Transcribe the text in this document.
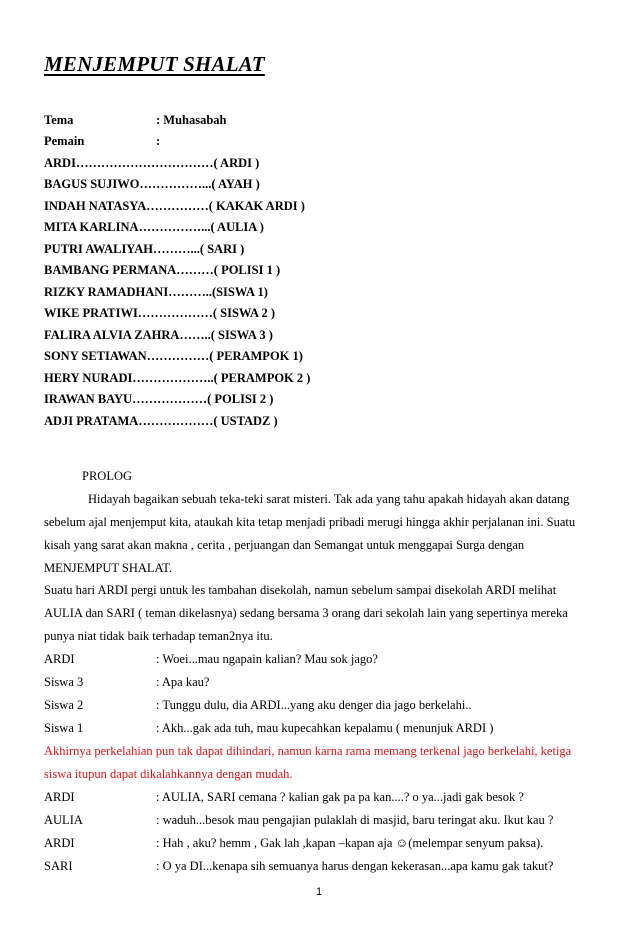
MENJEMPUT SHALAT
Tema	: Muhasabah
Pemain	:
ARDI……………………………( ARDI )
BAGUS SUJIWO……………...( AYAH )
INDAH NATASYA……………( KAKAK ARDI )
MITA KARLINA……………...( AULIA )
PUTRI AWALIYAH………...( SARI )
BAMBANG PERMANA………( POLISI 1 )
RIZKY RAMADHANI………..(SISWA 1)
WIKE PRATIWI………………( SISWA 2 )
FALIRA ALVIA ZAHRA……..( SISWA 3 )
SONY SETIAWAN……………( PERAMPOK 1)
HERY NURADI………………..( PERAMPOK 2 )
IRAWAN BAYU………………( POLISI 2 )
ADJI PRATAMA………………( USTADZ )
PROLOG
Hidayah bagaikan sebuah teka-teki sarat misteri. Tak ada yang tahu apakah hidayah akan datang
sebelum ajal menjemput kita, ataukah kita tetap menjadi pribadi merugi hingga akhir perjalanan ini. Suatu
kisah yang sarat akan makna , cerita , perjuangan dan Semangat untuk menggapai Surga dengan
MENJEMPUT SHALAT.
Suatu hari ARDI pergi untuk les tambahan disekolah, namun sebelum sampai disekolah ARDI melihat
AULIA dan SARI ( teman dikelasnya) sedang bersama 3 orang dari sekolah lain yang sepertinya mereka
punya niat tidak baik terhadap teman2nya itu.
ARDI	: Woei...mau ngapain kalian? Mau sok jago?
Siswa 3	: Apa kau?
Siswa 2	: Tunggu dulu, dia ARDI...yang aku denger dia jago berkelahi..
Siswa 1	: Akh...gak ada tuh, mau kupecahkan kepalamu ( menunjuk ARDI )
Akhirnya perkelahian pun tak dapat dihindari, namun karna rama memang terkenal jago berkelahi, ketiga
siswa itupun dapat dikalahkannya dengan mudah.
ARDI	: AULIA, SARI cemana ? kalian gak pa pa kan....? o ya...jadi gak besok ?
AULIA	: waduh...besok mau pengajian pulaklah di masjid, baru teringat aku. Ikut kau ?
ARDI	: Hah , aku? hemm , Gak lah ,kapan –kapan aja ☺(melempar senyum paksa).
SARI	: O ya DI...kenapa sih semuanya harus dengan kekerasan...apa kamu gak takut?
1
